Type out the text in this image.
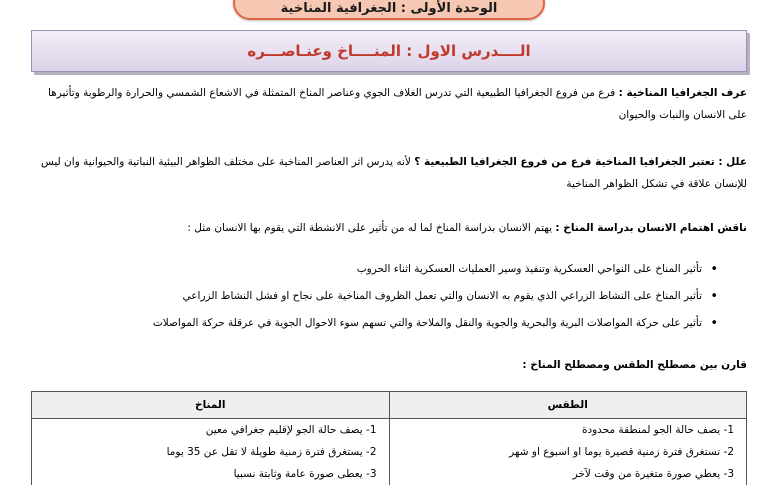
الوحدة الأولى : الجغرافية المناخية
الــــدرس الاول : المنــــاخ وعنـاصـــره

عرف الجغرافيا المناخية : فرع من فروع الجغرافيا الطبيعية التي تدرس الغلاف الجوي وعناصر المناخ المتمثلة في الاشعاع الشمسي والحرارة والرطوبة وتأثيرها على الانسان والنبات والحيوان

علل : تعتبر الجغرافيا المناخية فرع من فروع الجغرافيا الطبيعية ؟ لأنه يدرس اثر العناصر المناخية على مختلف الظواهر البيئية النباتية والحيوانية وان ليس للإنسان علاقة في تشكل الظواهر المناخية

ناقش اهتمام الانسان بدراسة المناخ : يهتم الانسان بدراسة المناخ لما له من تأثير على الانشطة التي يقوم بها الانسان مثل :

• تأثير المناخ على النواحي العسكرية وتنفيذ وسير العمليات العسكرية اثناء الحروب
• تأثير المناخ على النشاط الزراعي الذي يقوم به الانسان والتي تعمل الظروف المناخية على نجاح او فشل النشاط الزراعي
• تأثير على حركة المواصلات البرية والبحرية والجوية والنقل والملاحة والتي تسهم سوء الاحوال الجوية في عرقلة حركة المواصلات

قارن بين مصطلح الطقس ومصطلح المناخ :

الطقس	المناخ
1- يصف حالة الجو لمنطقة محدودة	1- يصف حالة الجو لإقليم جغرافي معين
2- تستغرق فترة زمنية قصيرة يوما او اسبوع او شهر	2- يستغرق فترة زمنية طويلة لا تقل عن 35 يوما
3- يعطي صورة متغيرة من وقت لآخر	3- يعطى صورة عامة وثابتة نسبيا
